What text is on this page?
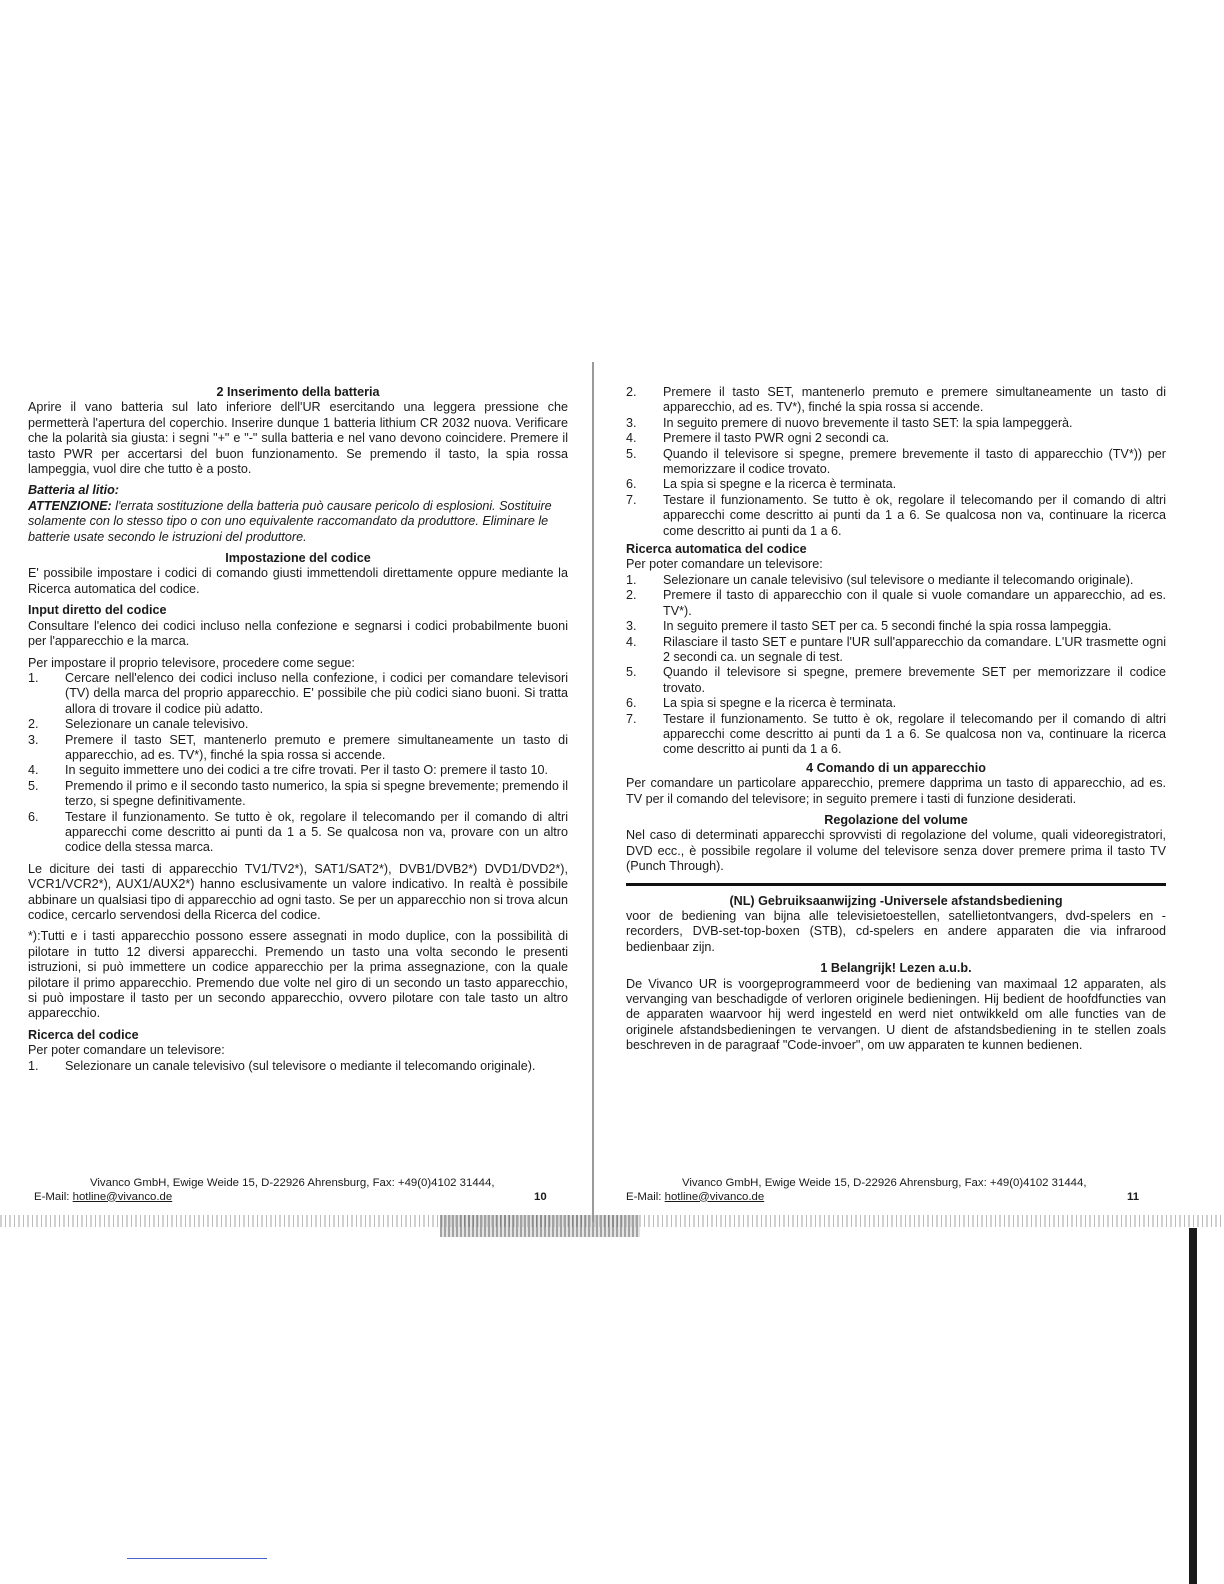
2 Inserimento della batteria

Aprire il vano batteria sul lato inferiore dell'UR esercitando una leggera pressione che permetterà l'apertura del coperchio. Inserire dunque 1 batteria lithium CR 2032 nuova. Verificare che la polarità sia giusta: i segni "+" e "-" sulla batteria e nel vano devono coincidere. Premere il tasto PWR per accertarsi del buon funzionamento. Se premendo il tasto, la spia rossa lampeggia, vuol dire che tutto è a posto.

Batteria al litio:

ATTENZIONE: l'errata sostituzione della batteria può causare pericolo di esplosioni. Sostituire solamente con lo stesso tipo o con uno equivalente raccomandato da produttore. Eliminare le batterie usate secondo le istruzioni del produttore.

Impostazione del codice

E' possibile impostare i codici di comando giusti immettendoli direttamente oppure mediante la Ricerca automatica del codice.

Input diretto del codice

Consultare l'elenco dei codici incluso nella confezione e segnarsi i codici probabilmente buoni per l'apparecchio e la marca.

Per impostare il proprio televisore, procedere come segue:

1.	Cercare nell'elenco dei codici incluso nella confezione, i codici per comandare televisori (TV) della marca del proprio apparecchio. E' possibile che più codici siano buoni. Si tratta allora di trovare il codice più adatto.
2.	Selezionare un canale televisivo.
3.	Premere il tasto SET, mantenerlo premuto e premere simultaneamente un tasto di apparecchio, ad es. TV*), finché la spia rossa si accende.
4.	In seguito immettere uno dei codici a tre cifre trovati. Per il tasto O: premere il tasto 10.
5.	Premendo il primo e il secondo tasto numerico, la spia si spegne brevemente; premendo il terzo, si spegne definitivamente.
6.	Testare il funzionamento. Se tutto è ok, regolare il telecomando per il comando di altri apparecchi come descritto ai punti da 1 a 5. Se qualcosa non va, provare con un altro codice della stessa marca.

Le diciture dei tasti di apparecchio TV1/TV2*), SAT1/SAT2*), DVB1/DVB2*) DVD1/DVD2*), VCR1/VCR2*), AUX1/AUX2*) hanno esclusivamente un valore indicativo. In realtà è possibile abbinare un qualsiasi tipo di apparecchio ad ogni tasto. Se per un apparecchio non si trova alcun codice, cercarlo servendosi della Ricerca del codice.

*):Tutti e i tasti apparecchio possono essere assegnati in modo duplice, con la possibilità di pilotare in tutto 12 diversi apparecchi. Premendo un tasto una volta secondo le presenti istruzioni, si può immettere un codice apparecchio per la prima assegnazione, con la quale pilotare il primo apparecchio. Premendo due volte nel giro di un secondo un tasto apparecchio, si può impostare il tasto per un secondo apparecchio, ovvero pilotare con tale tasto un altro apparecchio.

Ricerca del codice

Per poter comandare un televisore:

1.	Selezionare un canale televisivo (sul televisore o mediante il telecomando originale).
2.	Premere il tasto SET, mantenerlo premuto e premere simultaneamente un tasto di apparecchio, ad es. TV*), finché la spia rossa si accende.
3.	In seguito premere di nuovo brevemente il tasto SET: la spia lampeggerà.
4.	Premere il tasto PWR ogni 2 secondi ca.
5.	Quando il televisore si spegne, premere brevemente il tasto di apparecchio (TV*)) per memorizzare il codice trovato.
6.	La spia si spegne e la ricerca è terminata.
7.	Testare il funzionamento. Se tutto è ok, regolare il telecomando per il comando di altri apparecchi come descritto ai punti da 1 a 6. Se qualcosa non va, continuare la ricerca come descritto ai punti da 1 a 6.
Ricerca automatica del codice

Per poter comandare un televisore:

1.	Selezionare un canale televisivo (sul televisore o mediante il telecomando originale).
2.	Premere il tasto di apparecchio con il quale si vuole comandare un apparecchio, ad es. TV*).
3.	In seguito premere il tasto SET per ca. 5 secondi finché la spia rossa lampeggia.
4.	Rilasciare il tasto SET e puntare l'UR sull'apparecchio da comandare. L'UR trasmette ogni 2 secondi ca. un segnale di test.
5.	Quando il televisore si spegne, premere brevemente SET per memorizzare il codice trovato.
6.	La spia si spegne e la ricerca è terminata.
7.	Testare il funzionamento. Se tutto è ok, regolare il telecomando per il comando di altri apparecchi come descritto ai punti da 1 a 6. Se qualcosa non va, continuare la ricerca come descritto ai punti da 1 a 6.
4 Comando di un apparecchio

Per comandare un particolare apparecchio, premere dapprima un tasto di apparecchio, ad es. TV per il comando del televisore; in seguito premere i tasti di funzione desiderati.

Regolazione del volume

Nel caso di determinati apparecchi sprovvisti di regolazione del volume, quali videoregistratori, DVD ecc., è possibile regolare il volume del televisore senza dover premere prima il tasto TV (Punch Through).

(NL) Gebruiksaanwijzing -Universele afstandsbediening

voor de bediening van bijna alle televisietoestellen, satellietontvangers, dvd-spelers en -recorders, DVB-set-top-boxen (STB), cd-spelers en andere apparaten die via infrarood bedienbaar zijn.

1 Belangrijk! Lezen a.u.b.

De Vivanco UR is voorgeprogrammeerd voor de bediening van maximaal 12 apparaten, als vervanging van beschadigde of verloren originele bedieningen. Hij bedient de hoofdfuncties van de apparaten waarvoor hij werd ingesteld en werd niet ontwikkeld om alle functies van de originele afstandsbedieningen te vervangen. U dient de afstandsbediening in te stellen zoals beschreven in de paragraaf "Code-invoer", om uw apparaten te kunnen bedienen.

Vivanco GmbH, Ewige Weide 15, D-22926 Ahrensburg, Fax: +49(0)4102 31444,
E-Mail: hotline@vivanco.de	10
Vivanco GmbH, Ewige Weide 15, D-22926 Ahrensburg, Fax: +49(0)4102 31444,
E-Mail: hotline@vivanco.de	11
